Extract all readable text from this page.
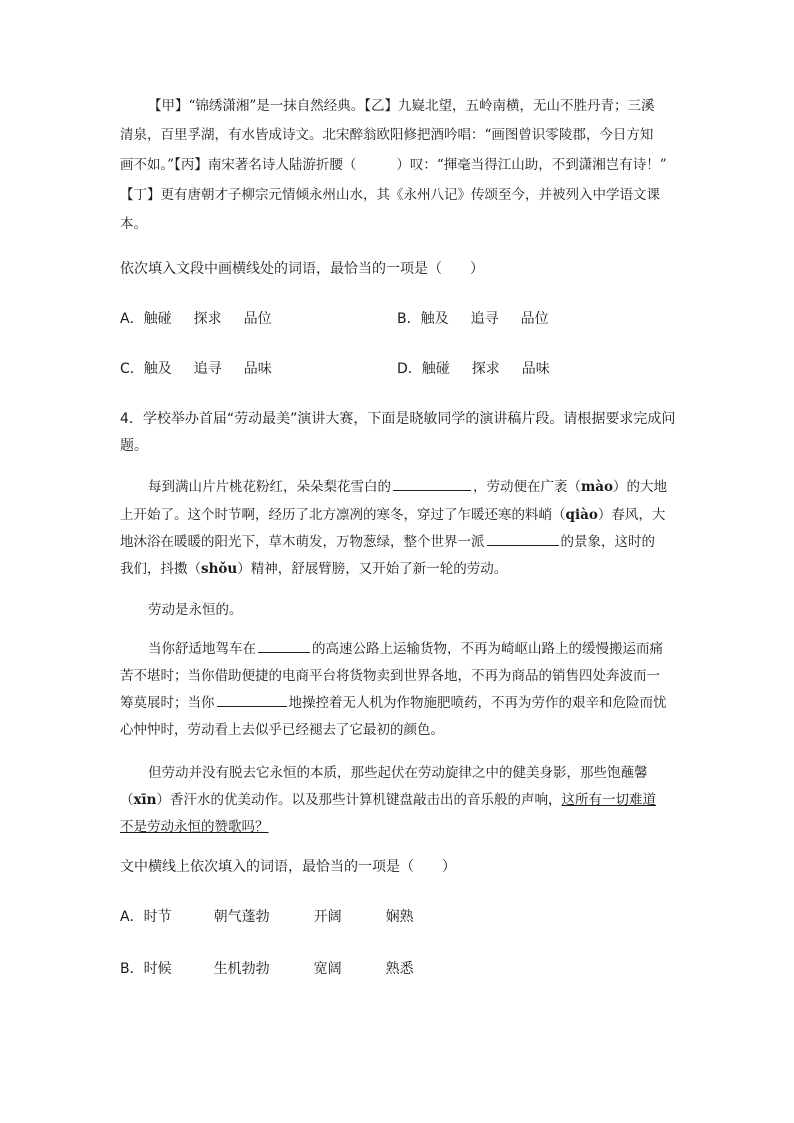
【甲】“锦绣潇湘”是一抹自然经典。【乙】九嶷北望，五岭南横，无山不胜丹青；三溪

清泉，百里孚湖，有水皆成诗文。北宋醉翁欧阳修把酒吟唱：“画图曾识零陵郡，今日方知

画不如。”【丙】南宋著名诗人陆游折腰（	）叹：“揮毫当得江山助，不到潇湘岂有诗！”

【丁】更有唐朝才子柳宗元情倾永州山水，其《永州八记》传颂至今，并被列入中学语文课

本。

依次填入文段中画横线处的词语，最恰当的一项是（　　）

A．触碰 探求 品位	B．触及 追寻 品位
C．触及 追寻 品味	D．触碰 探求 品味

4．学校举办首届“劳动最美”演讲大赛，下面是晓敏同学的演讲稿片段。请根据要求完成问

题。

每到满山片片桃花粉红，朵朵梨花雪白的	，劳动便在广袤（mào）的大地

上开始了。这个时节啊，经历了北方凛冽的寒冬，穿过了乍暖还寒的料峭（qiào）春风，大

地沐浴在暖暖的阳光下，草木萌发，万物葱绿，整个世界一派	的景象，这时的

我们，抖擞（shǒu）精神，舒展臂膀，又开始了新一轮的劳动。

劳动是永恒的。

当你舒适地驾车在	的高速公路上运输货物，不再为崎岖山路上的缓慢搬运而痛

苦不堪时；当你借助便捷的电商平台将货物卖到世界各地，不再为商品的销售四处奔波而一

筹莫展时；当你	地操控着无人机为作物施肥喷药，不再为劳作的艰辛和危险而忧

心忡忡时，劳动看上去似乎已经褪去了它最初的颜色。

但劳动并没有脱去它永恒的本质，那些起伏在劳动旋律之中的健美身影，那些饱蘸馨

（xīn）香汗水的优美动作。以及那些计算机键盘敲击出的音乐般的声响，这所有一切难道

不是劳动永恒的赞歌吗？

文中横线上依次填入的词语，最恰当的一项是（　　）

A．时节	朝气蓬勃	开阔	娴熟
B．时候	生机勃勃	宽阔	熟悉
